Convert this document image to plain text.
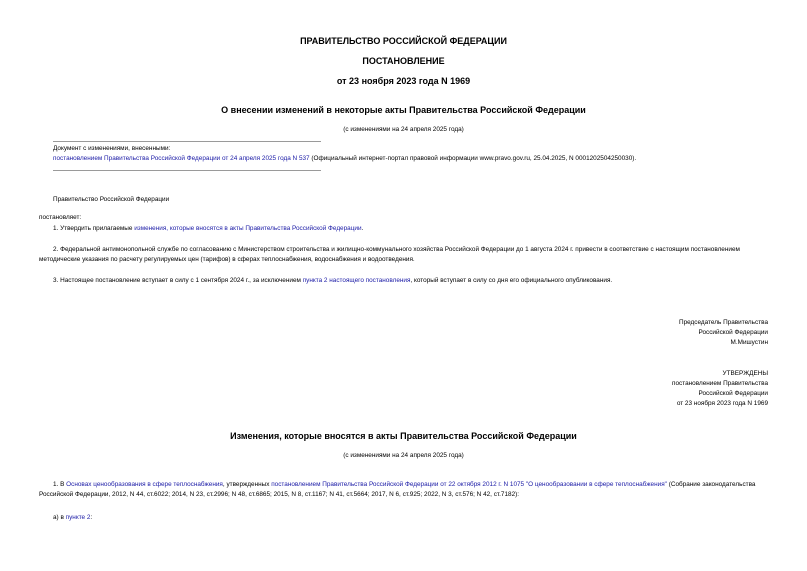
ПРАВИТЕЛЬСТВО РОССИЙСКОЙ ФЕДЕРАЦИИ
ПОСТАНОВЛЕНИЕ
от 23 ноября 2023 года N 1969
О внесении изменений в некоторые акты Правительства Российской Федерации
(с изменениями на 24 апреля 2025 года)
Документ с изменениями, внесенными:
постановлением Правительства Российской Федерации от 24 апреля 2025 года N 537 (Официальный интернет-портал правовой информации www.pravo.gov.ru, 25.04.2025, N 0001202504250030).
Правительство Российской Федерации
постановляет:
1. Утвердить прилагаемые изменения, которые вносятся в акты Правительства Российской Федерации.
2. Федеральной антимонопольной службе по согласованию с Министерством строительства и жилищно-коммунального хозяйства Российской Федерации до 1 августа 2024 г. привести в соответствие с настоящим постановлением методические указания по расчету регулируемых цен (тарифов) в сферах теплоснабжения, водоснабжения и водоотведения.
3. Настоящее постановление вступает в силу с 1 сентября 2024 г., за исключением пункта 2 настоящего постановления, который вступает в силу со дня его официального опубликования.
Председатель Правительства
Российской Федерации
М.Мишустин
УТВЕРЖДЕНЫ
постановлением Правительства
Российской Федерации
от 23 ноября 2023 года N 1969
Изменения, которые вносятся в акты Правительства Российской Федерации
(с изменениями на 24 апреля 2025 года)
1. В Основах ценообразования в сфере теплоснабжения, утвержденных постановлением Правительства Российской Федерации от 22 октября 2012 г. N 1075 "О ценообразовании в сфере теплоснабжения" (Собрание законодательства Российской Федерации, 2012, N 44, ст.6022; 2014, N 23, ст.2996; N 48, ст.6865; 2015, N 8, ст.1167; N 41, ст.5664; 2017, N 6, ст.925; 2022, N 3, ст.576; N 42, ст.7182):
а) в пункте 2:
